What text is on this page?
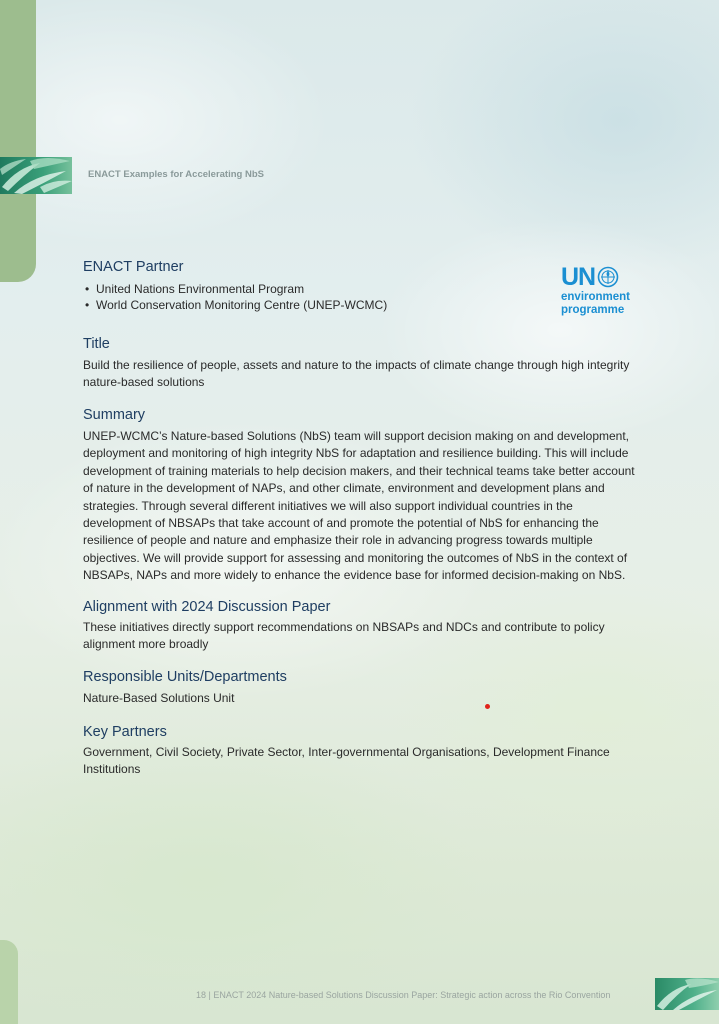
ENACT Examples for Accelerating NbS
UN
environment
programme
ENACT Partner
• United Nations Environmental Program
• World Conservation Monitoring Centre (UNEP-WCMC)
Title

Build the resilience of people, assets and nature to the impacts of climate change through high integrity nature-based solutions

Summary

UNEP-WCMC’s Nature-based Solutions (NbS) team will support decision making on and development, deployment and monitoring of high integrity NbS for adaptation and resilience building. This will include development of training materials to help decision makers, and their technical teams take better account of nature in the development of NAPs, and other climate, environment and development plans and strategies. Through several different initiatives we will also support individual countries in the development of NBSAPs that take account of and promote the potential of NbS for enhancing the resilience of people and nature and emphasize their role in advancing progress towards multiple objectives. We will provide support for assessing and monitoring the outcomes of NbS in the context of NBSAPs, NAPs and more widely to enhance the evidence base for informed decision-making on NbS.

Alignment with 2024 Discussion Paper

These initiatives directly support recommendations on NBSAPs and NDCs and contribute to policy alignment more broadly

Responsible Units/Departments

Nature-Based Solutions Unit

Key Partners

Government, Civil Society, Private Sector, Inter-governmental Organisations, Development Finance Institutions

18 | ENACT 2024 Nature-based Solutions Discussion Paper: Strategic action across the Rio Convention
